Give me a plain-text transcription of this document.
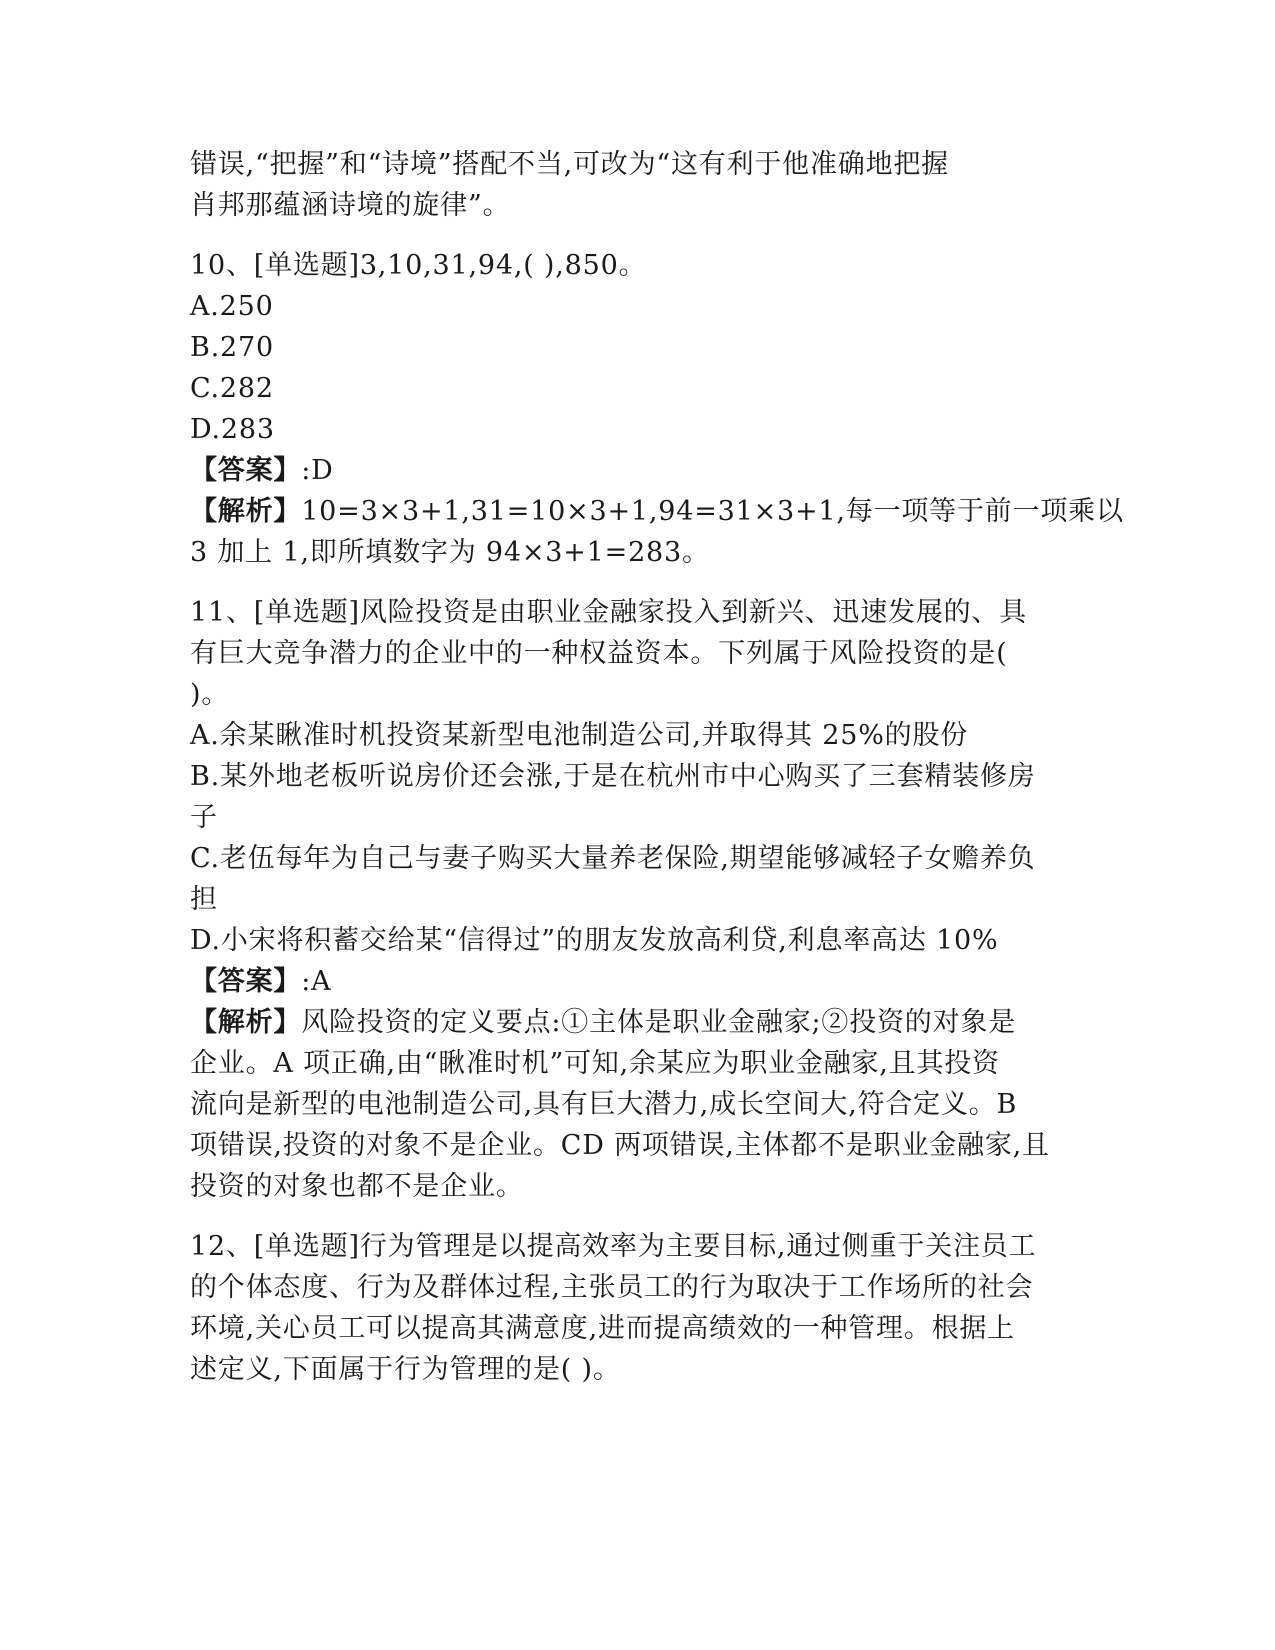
错误,“把握”和“诗境”搭配不当,可改为“这有利于他准确地把握
肖邦那蕴涵诗境的旋律”。
10、[单选题]3,10,31,94,( ),850。
A.250
B.270
C.282
D.283
【答案】:D
【解析】10=3×3+1,31=10×3+1,94=31×3+1,每一项等于前一项乘以
3 加上 1,即所填数字为 94×3+1=283。
11、[单选题]风险投资是由职业金融家投入到新兴、迅速发展的、具
有巨大竞争潜力的企业中的一种权益资本。下列属于风险投资的是(
)。
A.余某瞅准时机投资某新型电池制造公司,并取得其 25%的股份
B.某外地老板听说房价还会涨,于是在杭州市中心购买了三套精装修房
子
C.老伍每年为自己与妻子购买大量养老保险,期望能够减轻子女赡养负
担
D.小宋将积蓄交给某“信得过”的朋友发放高利贷,利息率高达 10%
【答案】:A
【解析】风险投资的定义要点:①主体是职业金融家;②投资的对象是
企业。A 项正确,由“瞅准时机”可知,余某应为职业金融家,且其投资
流向是新型的电池制造公司,具有巨大潜力,成长空间大,符合定义。B
项错误,投资的对象不是企业。CD 两项错误,主体都不是职业金融家,且
投资的对象也都不是企业。
12、[单选题]行为管理是以提高效率为主要目标,通过侧重于关注员工
的个体态度、行为及群体过程,主张员工的行为取决于工作场所的社会
环境,关心员工可以提高其满意度,进而提高绩效的一种管理。根据上
述定义,下面属于行为管理的是( )。
